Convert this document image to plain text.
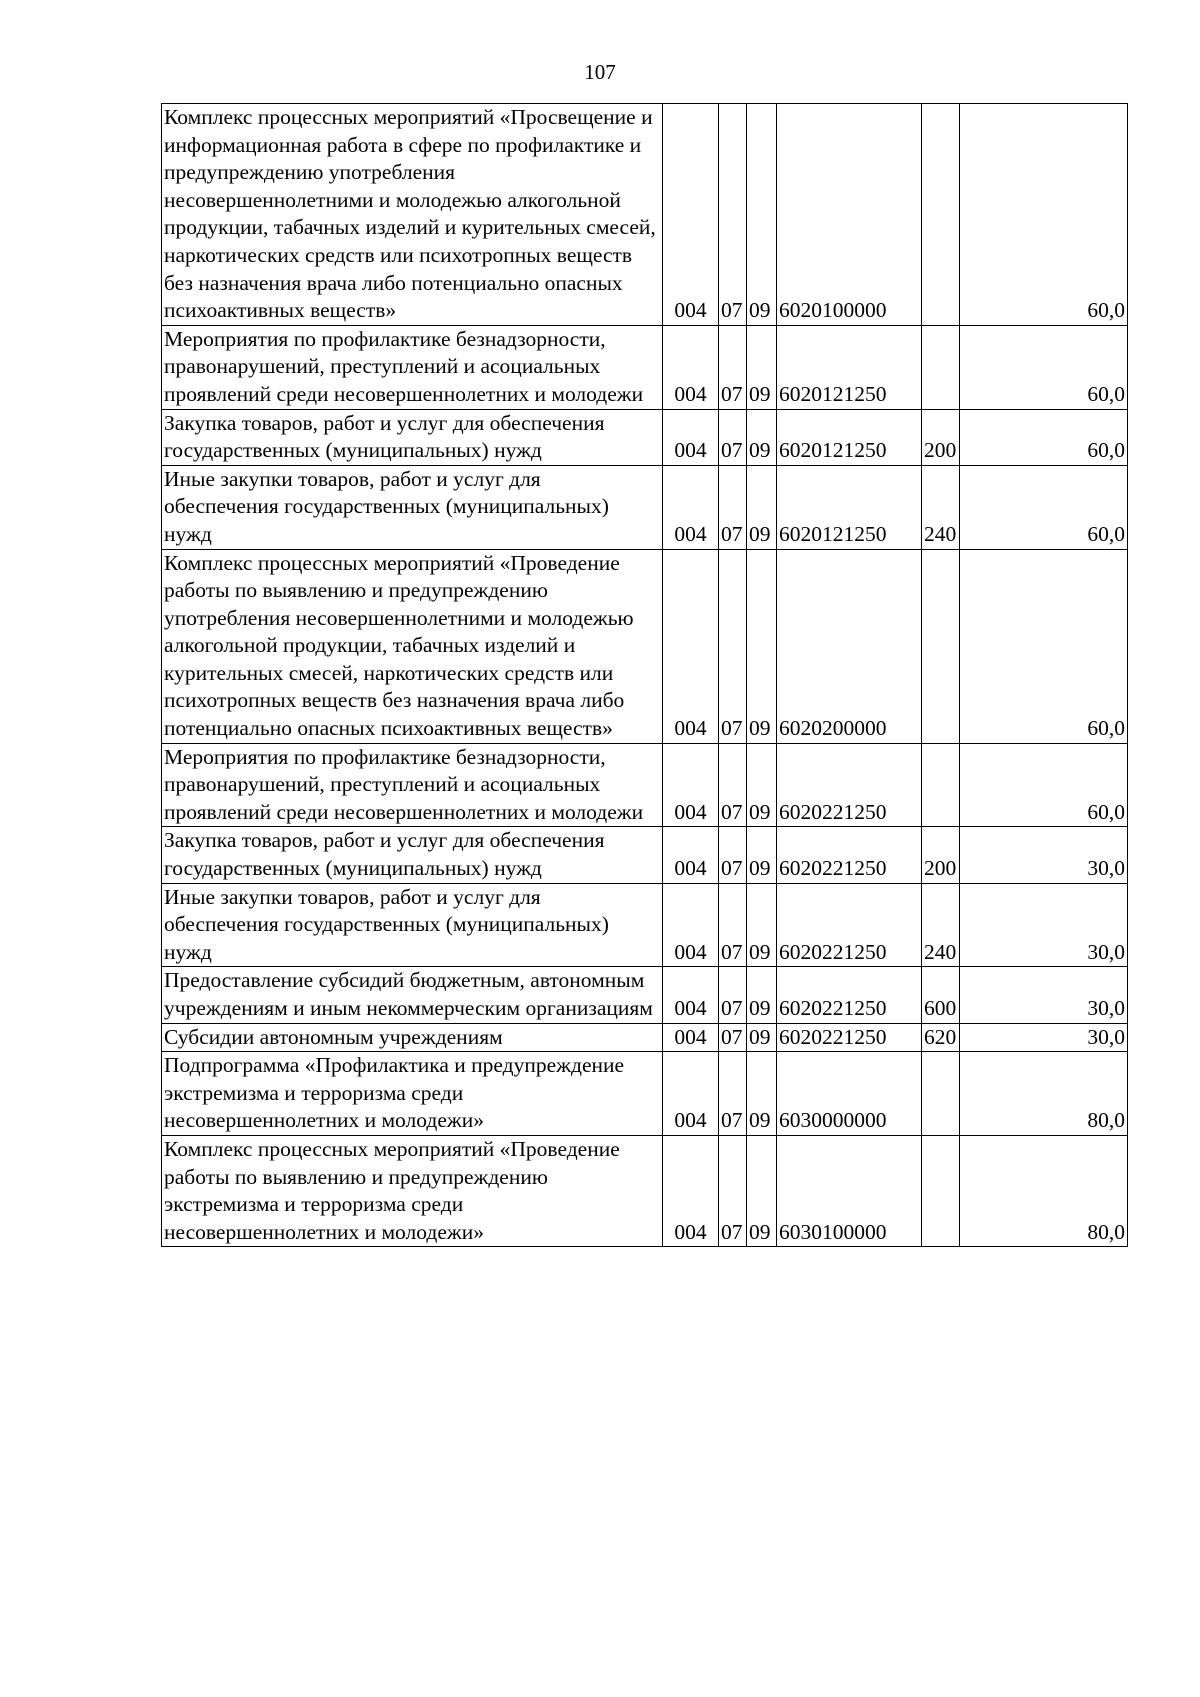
107
Комплекс процессных мероприятий «Просвещение и информационная работа в сфере по профилактике и предупреждению употребления несовершеннолетними и молодежью алкогольной продукции, табачных изделий и курительных смесей, наркотических средств или психотропных веществ без назначения врача либо потенциально опасных психоактивных веществ»	004	07	09	6020100000		60,0
Мероприятия по профилактике безнадзорности, правонарушений, преступлений и асоциальных проявлений среди несовершеннолетних и молодежи	004	07	09	6020121250		60,0
Закупка товаров, работ и услуг для обеспечения государственных (муниципальных) нужд	004	07	09	6020121250	200	60,0
Иные закупки товаров, работ и услуг для обеспечения государственных (муниципальных) нужд	004	07	09	6020121250	240	60,0
Комплекс процессных мероприятий «Проведение работы по выявлению и предупреждению употребления несовершеннолетними и молодежью алкогольной продукции, табачных изделий и курительных смесей, наркотических средств или психотропных веществ без назначения врача либо потенциально опасных психоактивных веществ»	004	07	09	6020200000		60,0
Мероприятия по профилактике безнадзорности, правонарушений, преступлений и асоциальных проявлений среди несовершеннолетних и молодежи	004	07	09	6020221250		60,0
Закупка товаров, работ и услуг для обеспечения государственных (муниципальных) нужд	004	07	09	6020221250	200	30,0
Иные закупки товаров, работ и услуг для обеспечения государственных (муниципальных) нужд	004	07	09	6020221250	240	30,0
Предоставление субсидий бюджетным, автономным учреждениям и иным некоммерческим организациям	004	07	09	6020221250	600	30,0
Субсидии автономным учреждениям	004	07	09	6020221250	620	30,0
Подпрограмма «Профилактика и предупреждение экстремизма и терроризма среди несовершеннолетних и молодежи»	004	07	09	6030000000		80,0
Комплекс процессных мероприятий «Проведение работы по выявлению и предупреждению экстремизма и терроризма среди несовершеннолетних и молодежи»	004	07	09	6030100000		80,0
